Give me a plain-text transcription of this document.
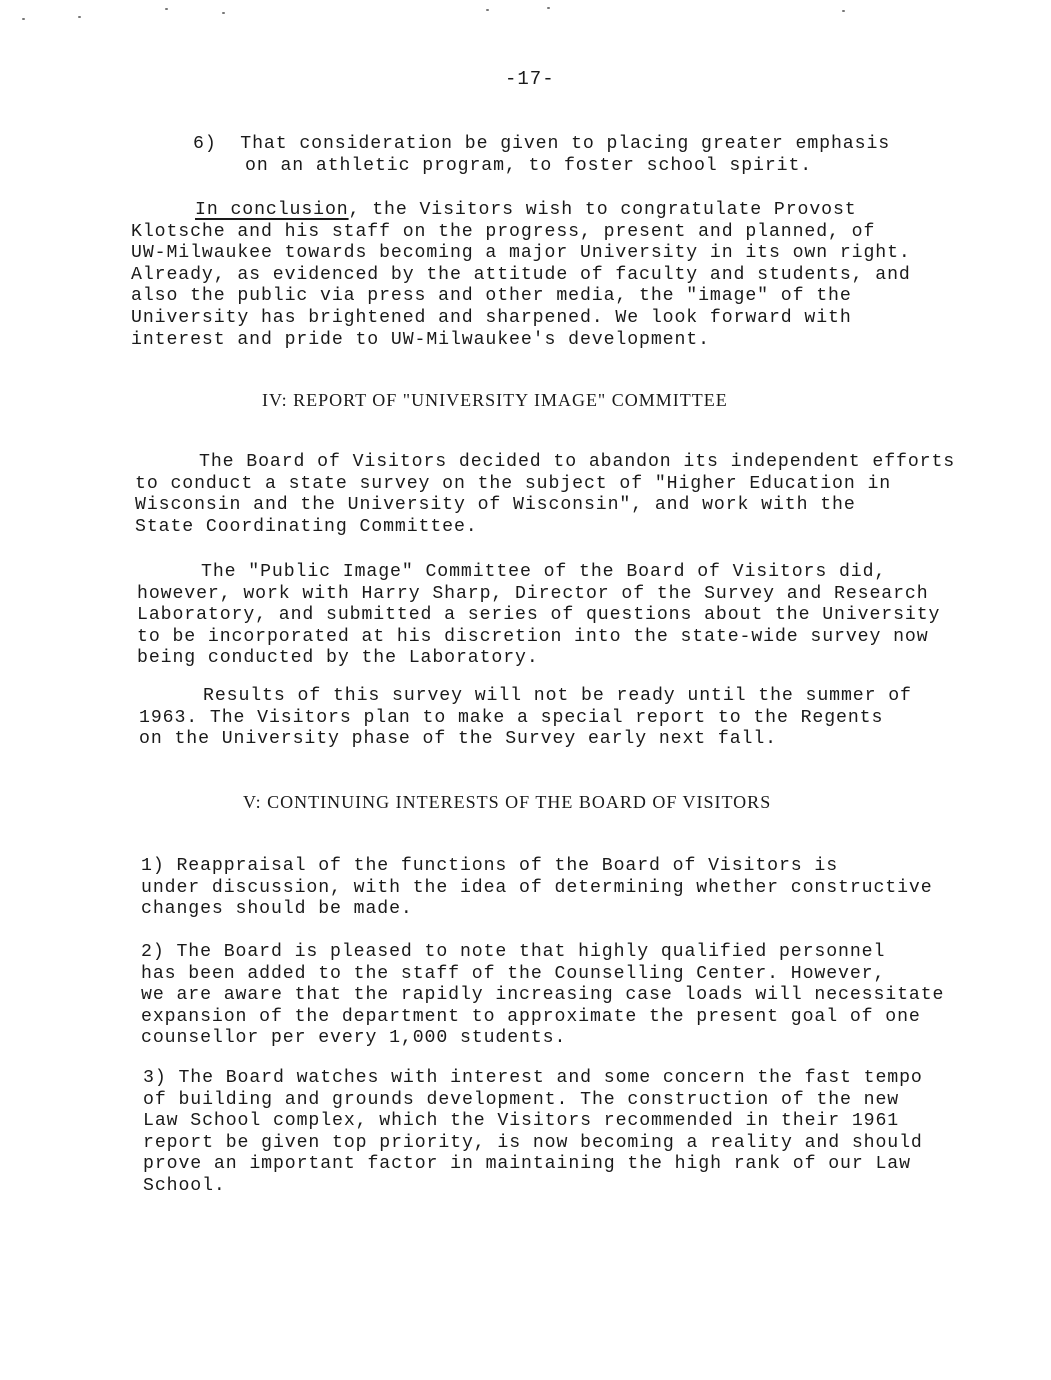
-17-
6) That consideration be given to placing greater emphasis
on an athletic program, to foster school spirit.
In conclusion, the Visitors wish to congratulate Provost
Klotsche and his staff on the progress, present and planned, of
UW-Milwaukee towards becoming a major University in its own right.
Already, as evidenced by the attitude of faculty and students, and
also the public via press and other media, the "image" of the
University has brightened and sharpened. We look forward with
interest and pride to UW-Milwaukee's development.
IV: REPORT OF "UNIVERSITY IMAGE" COMMITTEE
The Board of Visitors decided to abandon its independent efforts
to conduct a state survey on the subject of "Higher Education in
Wisconsin and the University of Wisconsin", and work with the
State Coordinating Committee.
The "Public Image" Committee of the Board of Visitors did,
however, work with Harry Sharp, Director of the Survey and Research
Laboratory, and submitted a series of questions about the University
to be incorporated at his discretion into the state-wide survey now
being conducted by the Laboratory.
Results of this survey will not be ready until the summer of
1963. The Visitors plan to make a special report to the Regents
on the University phase of the Survey early next fall.
V: CONTINUING INTERESTS OF THE BOARD OF VISITORS
1) Reappraisal of the functions of the Board of Visitors is
under discussion, with the idea of determining whether constructive
changes should be made.
2) The Board is pleased to note that highly qualified personnel
has been added to the staff of the Counselling Center. However,
we are aware that the rapidly increasing case loads will necessitate
expansion of the department to approximate the present goal of one
counsellor per every 1,000 students.
3) The Board watches with interest and some concern the fast tempo
of building and grounds development. The construction of the new
Law School complex, which the Visitors recommended in their 1961
report be given top priority, is now becoming a reality and should
prove an important factor in maintaining the high rank of our Law
School.
